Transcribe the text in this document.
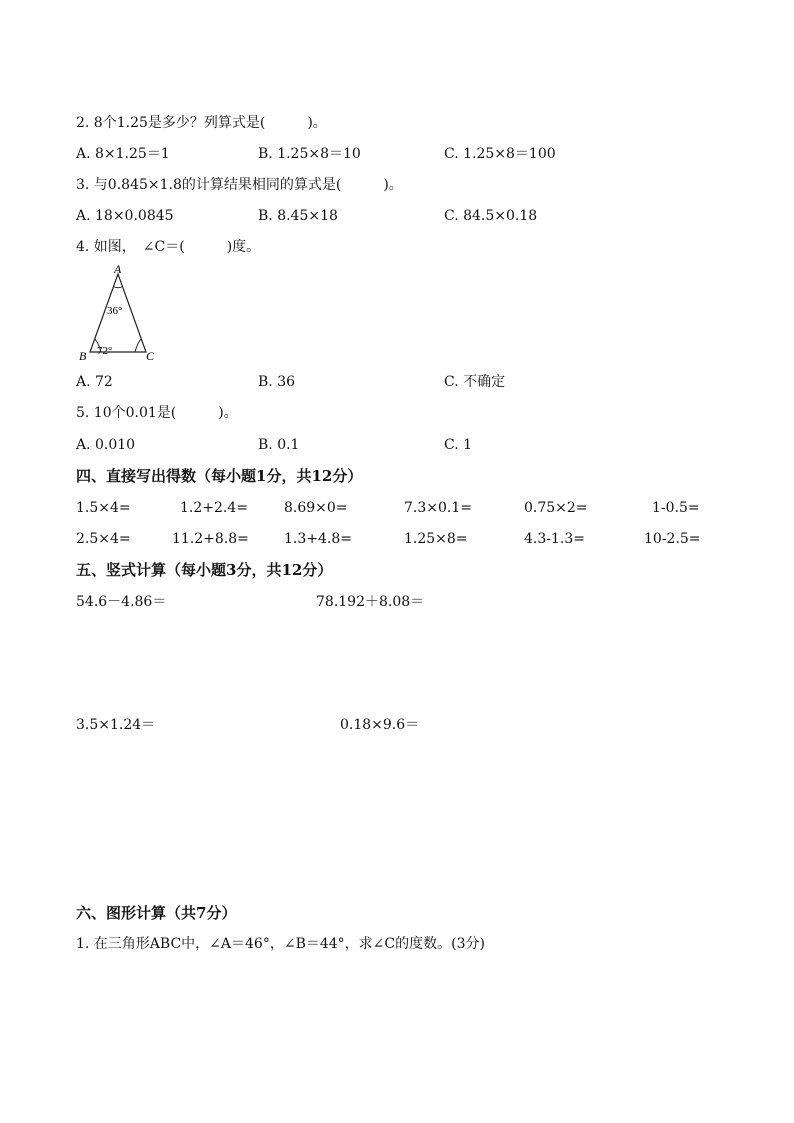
2. 8个1.25是多少？列算式是(　　　)。
A. 8×1.25＝1	B. 1.25×8＝10	C. 1.25×8＝100
3. 与0.845×1.8的计算结果相同的算式是(　　　)。
A. 18×0.0845	B. 8.45×18	C. 84.5×0.18
4. 如图，　∠C＝(　　　)度。
A
B	C
36°
72°
A. 72	B. 36	C. 不确定
5. 10个0.01是(　　　)。
A. 0.010	B. 0.1	C. 1
四、直接写出得数（每小题1分，共12分）
1.5×4=	1.2+2.4=	8.69×0=	7.3×0.1=	0.75×2=	1-0.5=
2.5×4=	11.2+8.8=	1.3+4.8=	1.25×8=	4.3-1.3=	10-2.5=
五、竖式计算（每小题3分，共12分）
54.6－4.86＝	78.192＋8.08＝
3.5×1.24＝	0.18×9.6＝
六、图形计算（共7分）
1. 在三角形ABC中，∠A＝46°，∠B＝44°，求∠C的度数。(3分)
